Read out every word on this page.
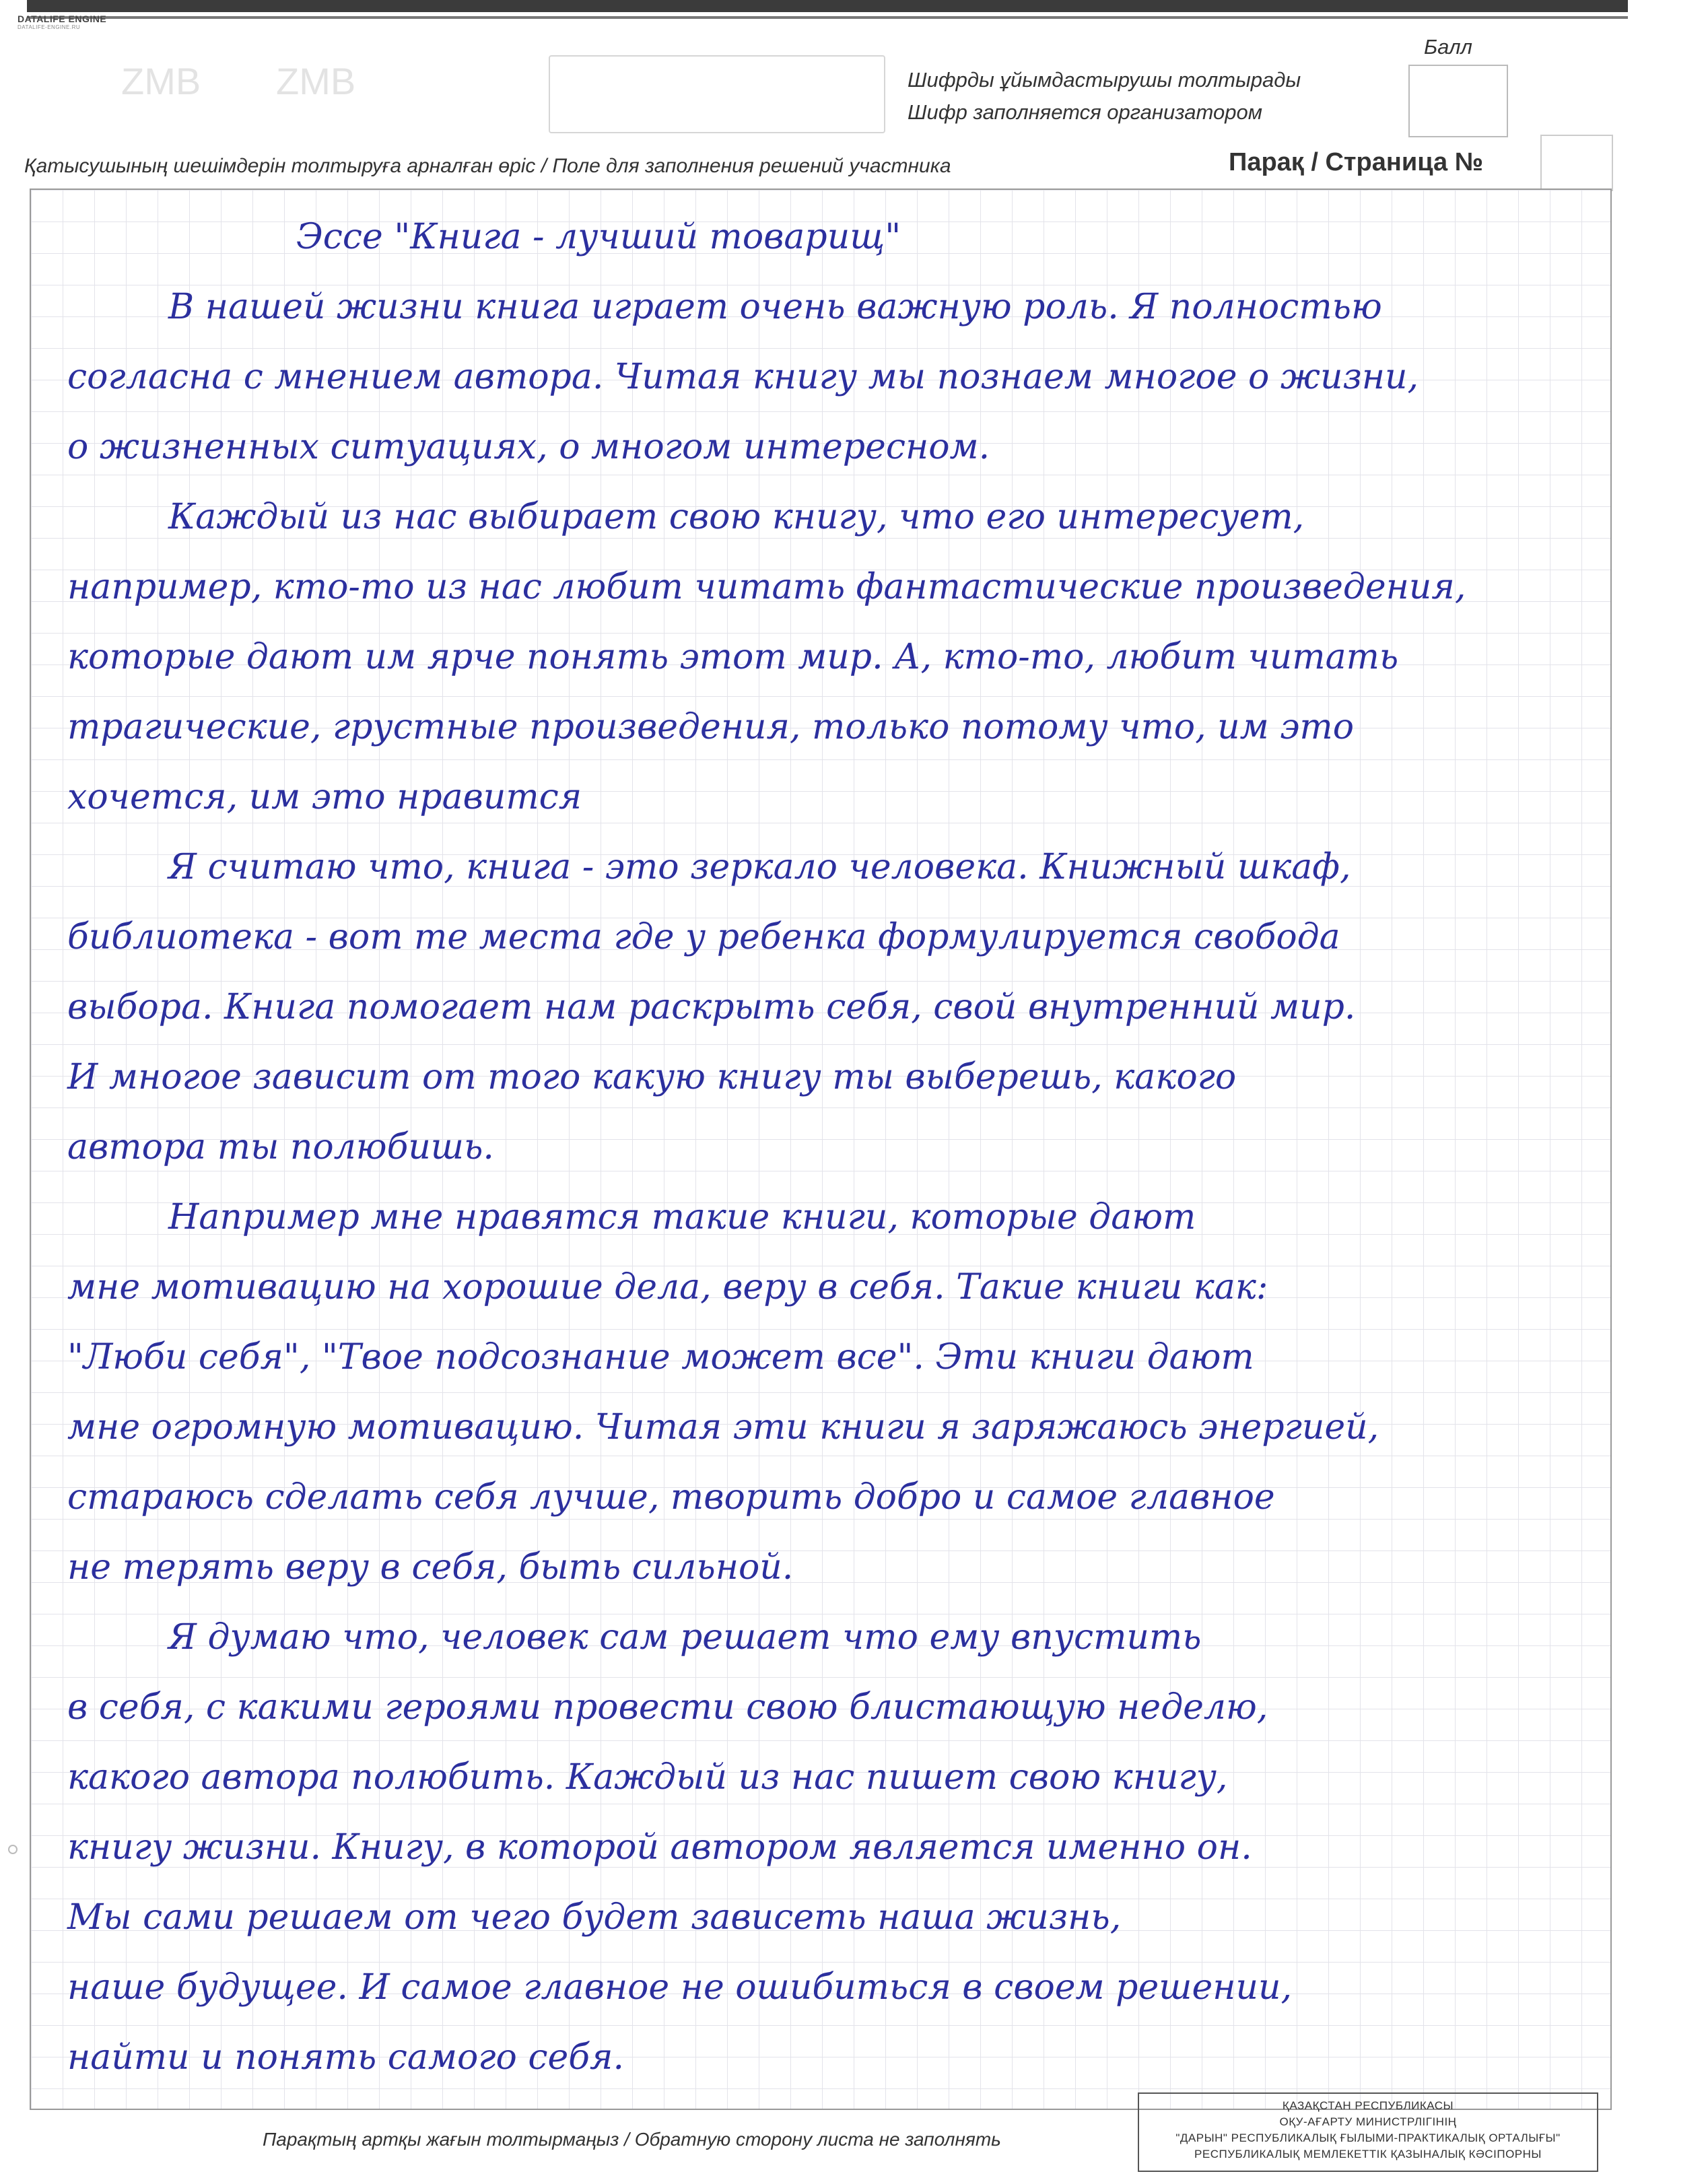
DATALIFE ENGINE
DATALIFE-ENGINE.RU
ZMB ZMB	Шифрды ұйымдастырушы толтырады
Шифр заполняется организатором
Балл
Қатысушының шешімдерін толтыруға арналған өріс / Поле для заполнения решений участника	Парақ / Страница №
Эссе "Книга - лучший товарищ"
В нашей жизни книга играет очень важную роль. Я полностью
согласна с мнением автора. Читая книгу мы познаем многое о жизни,
о жизненных ситуациях, о многом интересном.
Каждый из нас выбирает свою книгу, что его интересует,
например, кто-то из нас любит читать фантастические произведения,
которые дают им ярче понять этот мир. А, кто-то, любит читать
трагические, грустные произведения, только потому что, им это
хочется, им это нравится
Я считаю что, книга - это зеркало человека. Книжный шкаф,
библиотека - вот те места где у ребенка формулируется свобода
выбора. Книга помогает нам раскрыть себя, свой внутренний мир.
И многое зависит от того какую книгу ты выберешь, какого
автора ты полюбишь.
Например мне нравятся такие книги, которые дают
мне мотивацию на хорошие дела, веру в себя. Такие книги как:
"Люби себя", "Твое подсознание может все". Эти книги дают
мне огромную мотивацию. Читая эти книги я заряжаюсь энергией,
стараюсь сделать себя лучше, творить добро и самое главное
не терять веру в себя, быть сильной.
Я думаю что, человек сам решает что ему впустить
в себя, с какими героями провести свою блистающую неделю,
какого автора полюбить. Каждый из нас пишет свою книгу,
книгу жизни. Книгу, в которой автором является именно он.
Мы сами решаем от чего будет зависеть наша жизнь,
наше будущее. И самое главное не ошибиться в своем решении,
найти и понять самого себя.
Парақтың артқы жағын толтырмаңыз / Обратную сторону листа не заполнять
ҚАЗАҚСТАН РЕСПУБЛИКАСЫ
ОҚУ-АҒАРТУ МИНИСТРЛІГІНІҢ
"ДАРЫН" РЕСПУБЛИКАЛЫҚ ҒЫЛЫМИ-ПРАКТИКАЛЫҚ ОРТАЛЫҒЫ"
РЕСПУБЛИКАЛЫҚ МЕМЛЕКЕТТІК ҚАЗЫНАЛЫҚ КӘСІПОРНЫ
